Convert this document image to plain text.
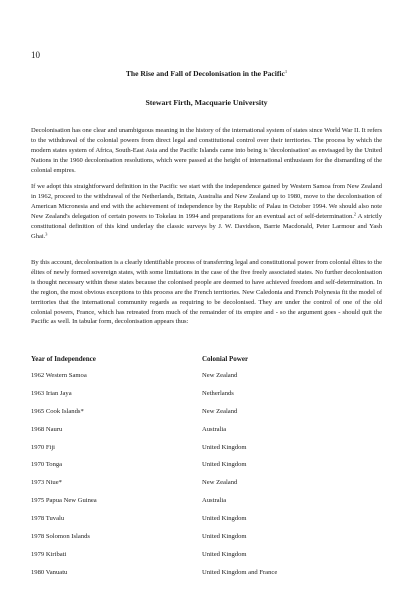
10
The Rise and Fall of Decolonisation in the Pacific$^1$
Stewart Firth, Macquarie University

Decolonisation has one clear and unambiguous meaning in the history of the international system of states since World War II. It refers to the withdrawal of the colonial powers from direct legal and constitutional control over their territories. The process by which the modern states system of Africa, South-East Asia and the Pacific Islands came into being is 'decolonisation' as envisaged by the United Nations in the 1960 decolonisation resolutions, which were passed at the height of international enthusiasm for the dismantling of the colonial empires.

If we adopt this straightforward definition in the Pacific we start with the independence gained by Western Samoa from New Zealand in 1962, proceed to the withdrawal of the Netherlands, Britain, Australia and New Zealand up to 1980, move to the decolonisation of American Micronesia and end with the achievement of independence by the Republic of Palau in October 1994. We should also note New Zealand's delegation of certain powers to Tokelau in 1994 and preparations for an eventual act of self-determination.$^2$ A strictly constitutional definition of this kind underlay the classic surveys by J. W. Davidson, Barrie Macdonald, Peter Larmour and Yash Ghai.$^3$

By this account, decolonisation is a clearly identifiable process of transferring legal and constitutional power from colonial élites to the élites of newly formed sovereign states, with some limitations in the case of the five freely associated states. No further decolonisation is thought necessary within these states because the colonised people are deemed to have achieved freedom and self-determination. In the region, the most obvious exceptions to this process are the French territories. New Caledonia and French Polynesia fit the model of territories that the international community regards as requiring to be decolonised. They are under the control of one of the old colonial powers, France, which has retreated from much of the remainder of its empire and - so the argument goes - should quit the Pacific as well. In tabular form, decolonisation appears thus:

Year of Independence	Colonial Power
1962 Western Samoa	New Zealand
1963 Irian Jaya	Netherlands
1965 Cook Islands*	New Zealand
1968 Nauru	Australia
1970 Fiji	United Kingdom
1970 Tonga	United Kingdom
1973 Niue*	New Zealand
1975 Papua New Guinea	Australia
1978 Tuvalu	United Kingdom
1978 Solomon Islands	United Kingdom
1979 Kiribati	United Kingdom
1980 Vanuatu	United Kingdom and France
